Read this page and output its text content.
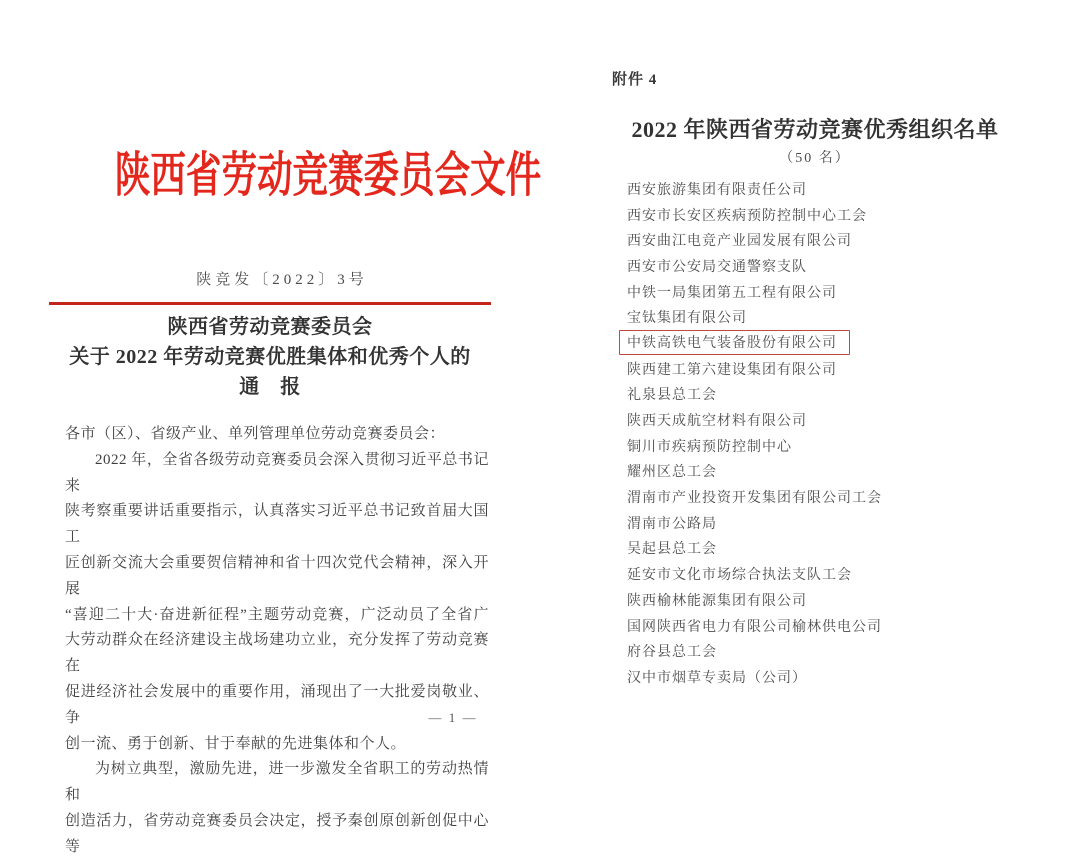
陕西省劳动竞赛委员会文件
陕竞发〔2022〕3号
陕西省劳动竞赛委员会
关于 2022 年劳动竞赛优胜集体和优秀个人的
通　报
各市（区）、省级产业、单列管理单位劳动竞赛委员会：
2022 年，全省各级劳动竞赛委员会深入贯彻习近平总书记来
陕考察重要讲话重要指示，认真落实习近平总书记致首届大国工
匠创新交流大会重要贺信精神和省十四次党代会精神，深入开展
“喜迎二十大·奋进新征程”主题劳动竞赛，广泛动员了全省广
大劳动群众在经济建设主战场建功立业，充分发挥了劳动竞赛在
促进经济社会发展中的重要作用，涌现出了一大批爱岗敬业、争
创一流、勇于创新、甘于奉献的先进集体和个人。
为树立典型，激励先进，进一步激发全省职工的劳动热情和
创造活力，省劳动竞赛委员会决定，授予秦创原创新创促中心等
— 1 —
附件 4
2022 年陕西省劳动竞赛优秀组织名单
（50 名）
西安旅游集团有限责任公司
西安市长安区疾病预防控制中心工会
西安曲江电竞产业园发展有限公司
西安市公安局交通警察支队
中铁一局集团第五工程有限公司
宝钛集团有限公司
中铁高铁电气装备股份有限公司
陕西建工第六建设集团有限公司
礼泉县总工会
陕西天成航空材料有限公司
铜川市疾病预防控制中心
耀州区总工会
渭南市产业投资开发集团有限公司工会
渭南市公路局
吴起县总工会
延安市文化市场综合执法支队工会
陕西榆林能源集团有限公司
国网陕西省电力有限公司榆林供电公司
府谷县总工会
汉中市烟草专卖局（公司）
